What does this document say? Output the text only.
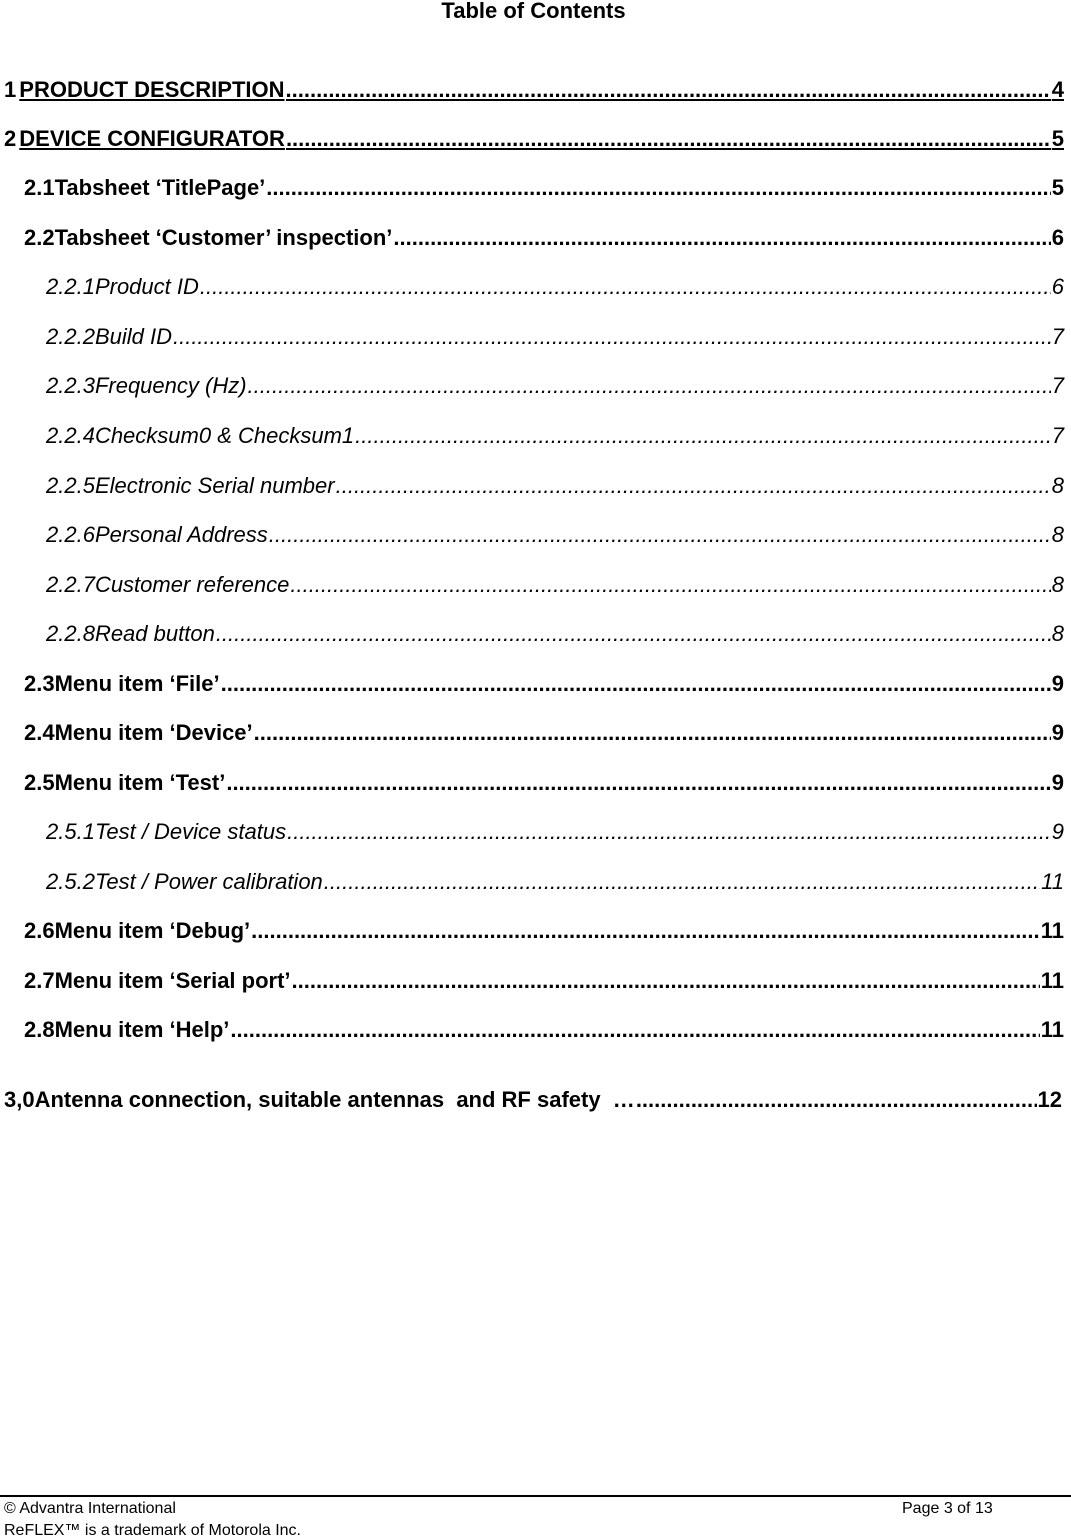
Table of Contents
1 PRODUCT DESCRIPTION .....	4
2 DEVICE CONFIGURATOR .....	5
2.1 Tabsheet ‘TitlePage’ .....	5
2.2 Tabsheet ‘Customer’ inspection’ .....	6
2.2.1 Product ID .....	6
2.2.2 Build ID .....	7
2.2.3 Frequency (Hz) .....	7
2.2.4 Checksum0 & Checksum1 .....	7
2.2.5 Electronic Serial number .....	8
2.2.6 Personal Address .....	8
2.2.7 Customer reference .....	8
2.2.8 Read button .....	8
2.3 Menu item ‘File’ .....	9
2.4 Menu item ‘Device’ .....	9
2.5 Menu item ‘Test’ .....	9
2.5.1 Test / Device status .....	9
2.5.2 Test / Power calibration .....	11
2.6 Menu item ‘Debug’ .....	11
2.7 Menu item ‘Serial port’ .....	11
2.8 Menu item ‘Help’ .....	11
3,0 Antenna connection, suitable antennas  and RF safety  … .....	12
© Advantra International
ReFLEX™ is a trademark of Motorola Inc.
Page 3 of 13
